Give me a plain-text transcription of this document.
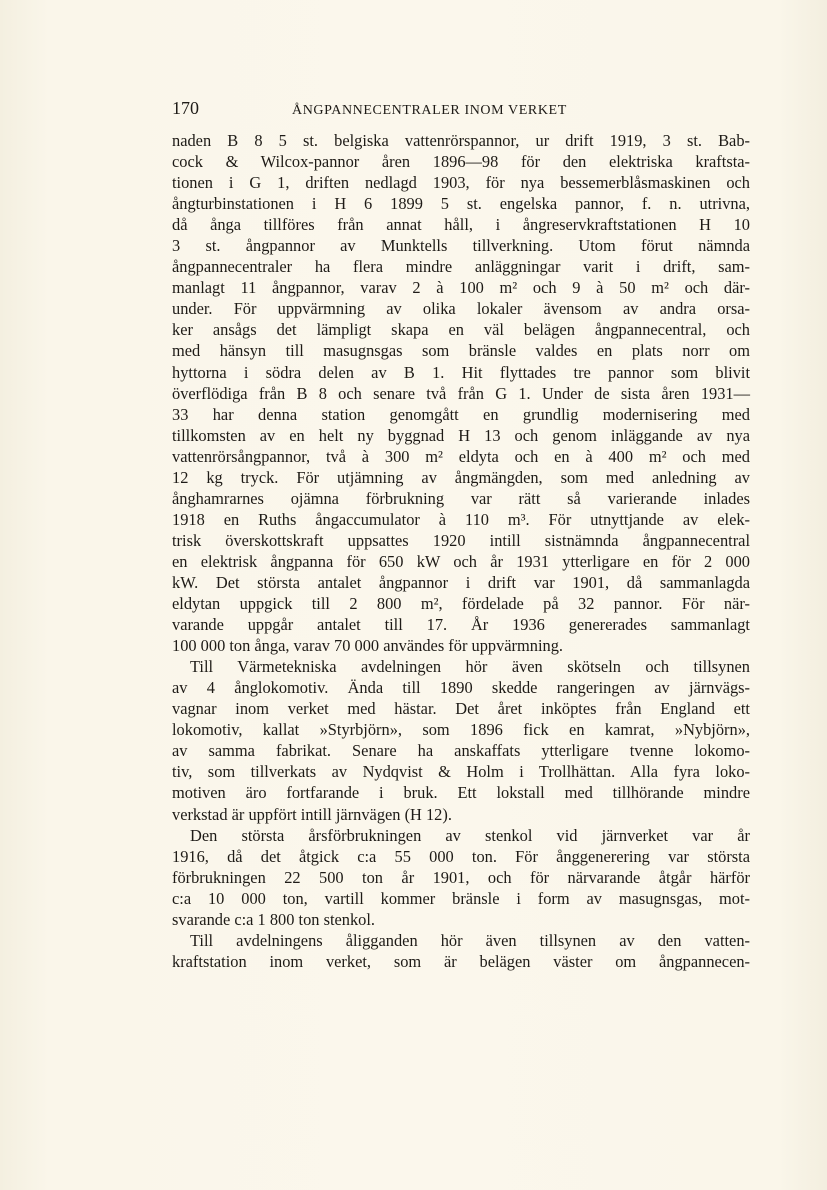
170	ÅNGPANNECENTRALER INOM VERKET

naden B 8 5 st. belgiska vattenrörspannor, ur drift 1919, 3 st. Bab-

cock & Wilcox-pannor åren 1896—98 för den elektriska kraftsta-

tionen i G 1, driften nedlagd 1903, för nya bessemerblåsmaskinen och

ångturbinstationen i H 6 1899 5 st. engelska pannor, f. n. utrivna,

då ånga tillföres från annat håll, i ångreservkraftstationen H 10

3 st. ångpannor av Munktells tillverkning. Utom förut nämnda

ångpannecentraler ha flera mindre anläggningar varit i drift, sam-

manlagt 11 ångpannor, varav 2 à 100 m² och 9 à 50 m² och där-

under. För uppvärmning av olika lokaler ävensom av andra orsa-

ker ansågs det lämpligt skapa en väl belägen ångpannecentral, och

med hänsyn till masugnsgas som bränsle valdes en plats norr om

hyttorna i södra delen av B 1. Hit flyttades tre pannor som blivit

överflödiga från B 8 och senare två från G 1. Under de sista åren 1931—

33 har denna station genomgått en grundlig modernisering med

tillkomsten av en helt ny byggnad H 13 och genom inläggande av nya

vattenrörsångpannor, två à 300 m² eldyta och en à 400 m² och med

12 kg tryck. För utjämning av ångmängden, som med anledning av

ånghamrarnes ojämna förbrukning var rätt så varierande inlades

1918 en Ruths ångaccumulator à 110 m³. För utnyttjande av elek-

trisk överskottskraft uppsattes 1920 intill sistnämnda ångpannecentral

en elektrisk ångpanna för 650 kW och år 1931 ytterligare en för 2 000

kW. Det största antalet ångpannor i drift var 1901, då sammanlagda

eldytan uppgick till 2 800 m², fördelade på 32 pannor. För när-

varande uppgår antalet till 17. År 1936 genererades sammanlagt

100 000 ton ånga, varav 70 000 användes för uppvärmning.

Till Värmetekniska avdelningen hör även skötseln och tillsynen

av 4 ånglokomotiv. Ända till 1890 skedde rangeringen av järnvägs-

vagnar inom verket med hästar. Det året inköptes från England ett

lokomotiv, kallat »Styrbjörn», som 1896 fick en kamrat, »Nybjörn»,

av samma fabrikat. Senare ha anskaffats ytterligare tvenne lokomo-

tiv, som tillverkats av Nydqvist & Holm i Trollhättan. Alla fyra loko-

motiven äro fortfarande i bruk. Ett lokstall med tillhörande mindre

verkstad är uppfört intill järnvägen (H 12).

Den största årsförbrukningen av stenkol vid järnverket var år

1916, då det åtgick c:a 55 000 ton. För ånggenerering var största

förbrukningen 22 500 ton år 1901, och för närvarande åtgår härför

c:a 10 000 ton, vartill kommer bränsle i form av masugnsgas, mot-

svarande c:a 1 800 ton stenkol.

Till avdelningens åligganden hör även tillsynen av den vatten-

kraftstation inom verket, som är belägen väster om ångpannecen-
